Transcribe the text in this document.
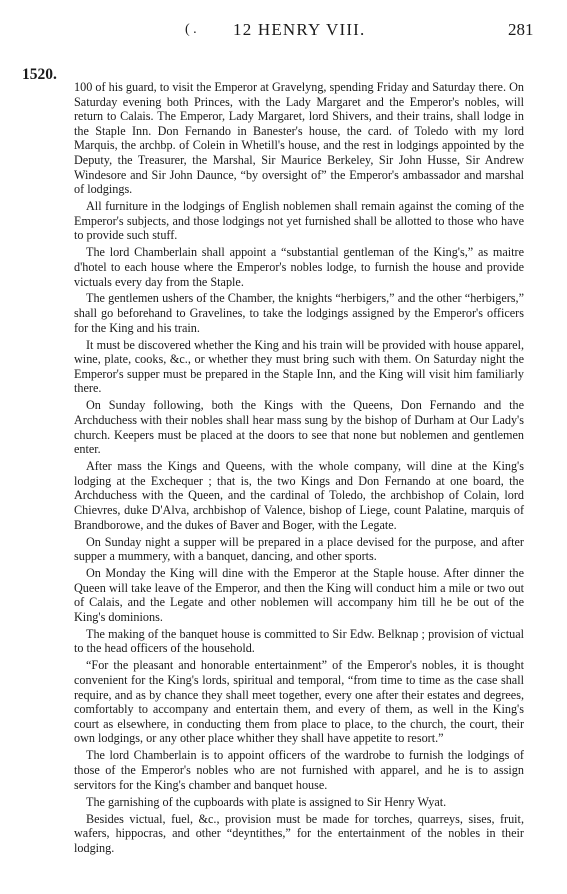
( . 12 HENRY VIII.	281
1520.

100 of his guard, to visit the Emperor at Gravelyng, spending Friday and Saturday there. On Saturday evening both Princes, with the Lady Margaret and the Emperor's nobles, will return to Calais. The Emperor, Lady Margaret, lord Shivers, and their trains, shall lodge in the Staple Inn. Don Fernando in Banester's house, the card. of Toledo with my lord Marquis, the archbp. of Colein in Whetill's house, and the rest in lodgings appointed by the Deputy, the Treasurer, the Marshal, Sir Maurice Berkeley, Sir John Husse, Sir Andrew Windesore and Sir John Daunce, “by oversight of” the Emperor's ambassador and marshal of lodgings.

All furniture in the lodgings of English noblemen shall remain against the coming of the Emperor's subjects, and those lodgings not yet furnished shall be allotted to those who have to provide such stuff.

The lord Chamberlain shall appoint a “substantial gentleman of the King's,” as maitre d'hotel to each house where the Emperor's nobles lodge, to furnish the house and provide victuals every day from the Staple.

The gentlemen ushers of the Chamber, the knights “herbigers,” and the other “herbigers,” shall go beforehand to Gravelines, to take the lodgings assigned by the Emperor's officers for the King and his train.

It must be discovered whether the King and his train will be provided with house apparel, wine, plate, cooks, &c., or whether they must bring such with them. On Saturday night the Emperor's supper must be prepared in the Staple Inn, and the King will visit him familiarly there.

On Sunday following, both the Kings with the Queens, Don Fernando and the Archduchess with their nobles shall hear mass sung by the bishop of Durham at Our Lady's church. Keepers must be placed at the doors to see that none but noblemen and gentlemen enter.

After mass the Kings and Queens, with the whole company, will dine at the King's lodging at the Exchequer ; that is, the two Kings and Don Fernando at one board, the Archduchess with the Queen, and the cardinal of Toledo, the archbishop of Colain, lord Chievres, duke D'Alva, archbishop of Valence, bishop of Liege, count Palatine, marquis of Brandborowe, and the dukes of Baver and Boger, with the Legate.

On Sunday night a supper will be prepared in a place devised for the purpose, and after supper a mummery, with a banquet, dancing, and other sports.

On Monday the King will dine with the Emperor at the Staple house. After dinner the Queen will take leave of the Emperor, and then the King will conduct him a mile or two out of Calais, and the Legate and other noblemen will accompany him till he be out of the King's dominions.

The making of the banquet house is committed to Sir Edw. Belknap ; provision of victual to the head officers of the household.

“For the pleasant and honorable entertainment” of the Emperor's nobles, it is thought convenient for the King's lords, spiritual and temporal, “from time to time as the case shall require, and as by chance they shall meet together, every one after their estates and degrees, comfortably to accompany and entertain them, and every of them, as well in the King's court as elsewhere, in conducting them from place to place, to the church, the court, their own lodgings, or any other place whither they shall have appetite to resort.”

The lord Chamberlain is to appoint officers of the wardrobe to furnish the lodgings of those of the Emperor's nobles who are not furnished with apparel, and he is to assign servitors for the King's chamber and banquet house.

The garnishing of the cupboards with plate is assigned to Sir Henry Wyat.

Besides victual, fuel, &c., provision must be made for torches, quarreys, sises, fruit, wafers, hippocras, and other “deyntithes,” for the entertainment of the nobles in their lodging.
